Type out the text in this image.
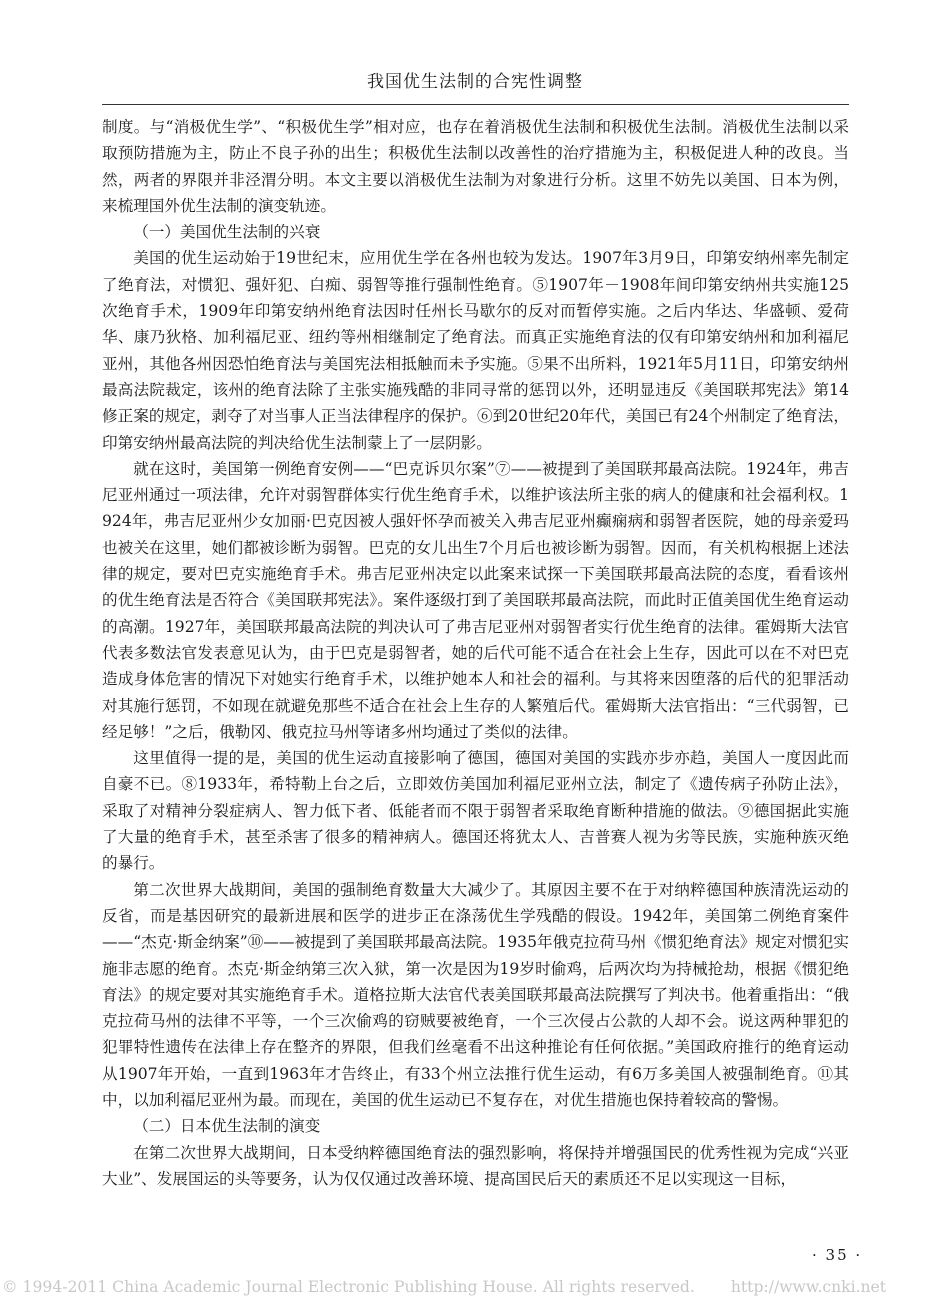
我国优生法制的合宪性调整

制度。与“消极优生学”、“积极优生学”相对应，也存在着消极优生法制和积极优生法制。消极优生法制以采取预防措施为主，防止不良子孙的出生；积极优生法制以改善性的治疗措施为主，积极促进人种的改良。当然，两者的界限并非泾渭分明。本文主要以消极优生法制为对象进行分析。这里不妨先以美国、日本为例，来梳理国外优生法制的演变轨迹。

（一）美国优生法制的兴衰

美国的优生运动始于19世纪末，应用优生学在各州也较为发达。1907年3月9日，印第安纳州率先制定了绝育法，对惯犯、强奸犯、白痴、弱智等推行强制性绝育。⑤1907年－1908年间印第安纳州共实施125次绝育手术，1909年印第安纳州绝育法因时任州长马歇尔的反对而暂停实施。之后内华达、华盛顿、爱荷华、康乃狄格、加利福尼亚、纽约等州相继制定了绝育法。而真正实施绝育法的仅有印第安纳州和加利福尼亚州，其他各州因恐怕绝育法与美国宪法相抵触而未予实施。⑤果不出所料，1921年5月11日，印第安纳州最高法院裁定，该州的绝育法除了主张实施残酷的非同寻常的惩罚以外，还明显违反《美国联邦宪法》第14修正案的规定，剥夺了对当事人正当法律程序的保护。⑥到20世纪20年代，美国已有24个州制定了绝育法，印第安纳州最高法院的判决给优生法制蒙上了一层阴影。

就在这时，美国第一例绝育安例——“巴克诉贝尔案”⑦——被提到了美国联邦最高法院。1924年，弗吉尼亚州通过一项法律，允许对弱智群体实行优生绝育手术，以维护该法所主张的病人的健康和社会福利权。1924年，弗吉尼亚州少女加丽·巴克因被人强奸怀孕而被关入弗吉尼亚州癫痫病和弱智者医院，她的母亲爱玛也被关在这里，她们都被诊断为弱智。巴克的女儿出生7个月后也被诊断为弱智。因而，有关机构根据上述法律的规定，要对巴克实施绝育手术。弗吉尼亚州决定以此案来试探一下美国联邦最高法院的态度，看看该州的优生绝育法是否符合《美国联邦宪法》。案件逐级打到了美国联邦最高法院，而此时正值美国优生绝育运动的高潮。1927年，美国联邦最高法院的判决认可了弗吉尼亚州对弱智者实行优生绝育的法律。霍姆斯大法官代表多数法官发表意见认为，由于巴克是弱智者，她的后代可能不适合在社会上生存，因此可以在不对巴克造成身体危害的情况下对她实行绝育手术，以维护她本人和社会的福利。与其将来因堕落的后代的犯罪活动对其施行惩罚，不如现在就避免那些不适合在社会上生存的人繁殖后代。霍姆斯大法官指出：“三代弱智，已经足够！”之后，俄勒冈、俄克拉马州等诸多州均通过了类似的法律。

这里值得一提的是，美国的优生运动直接影响了德国，德国对美国的实践亦步亦趋，美国人一度因此而自豪不已。⑧1933年，希特勒上台之后，立即效仿美国加利福尼亚州立法，制定了《遗传病子孙防止法》，采取了对精神分裂症病人、智力低下者、低能者而不限于弱智者采取绝育断种措施的做法。⑨德国据此实施了大量的绝育手术，甚至杀害了很多的精神病人。德国还将犹太人、吉普赛人视为劣等民族，实施种族灭绝的暴行。

第二次世界大战期间，美国的强制绝育数量大大减少了。其原因主要不在于对纳粹德国种族清洗运动的反省，而是基因研究的最新进展和医学的进步正在涤荡优生学残酷的假设。1942年，美国第二例绝育案件——“杰克·斯金纳案”⑩——被提到了美国联邦最高法院。1935年俄克拉荷马州《惯犯绝育法》规定对惯犯实施非志愿的绝育。杰克·斯金纳第三次入狱，第一次是因为19岁时偷鸡，后两次均为持械抢劫，根据《惯犯绝育法》的规定要对其实施绝育手术。道格拉斯大法官代表美国联邦最高法院撰写了判决书。他着重指出：“俄克拉荷马州的法律不平等，一个三次偷鸡的窃贼要被绝育，一个三次侵占公款的人却不会。说这两种罪犯的犯罪特性遗传在法律上存在整齐的界限，但我们丝毫看不出这种推论有任何依据。”美国政府推行的绝育运动从1907年开始，一直到1963年才告终止，有33个州立法推行优生运动，有6万多美国人被强制绝育。⑪其中，以加利福尼亚州为最。而现在，美国的优生运动已不复存在，对优生措施也保持着较高的警惕。

（二）日本优生法制的演变

在第二次世界大战期间，日本受纳粹德国绝育法的强烈影响，将保持并增强国民的优秀性视为完成“兴亚大业”、发展国运的头等要务，认为仅仅通过改善环境、提高国民后天的素质还不足以实现这一目标，

· 35 ·
© 1994-2011 China Academic Journal Electronic Publishing House. All rights reserved. http://www.cnki.net
